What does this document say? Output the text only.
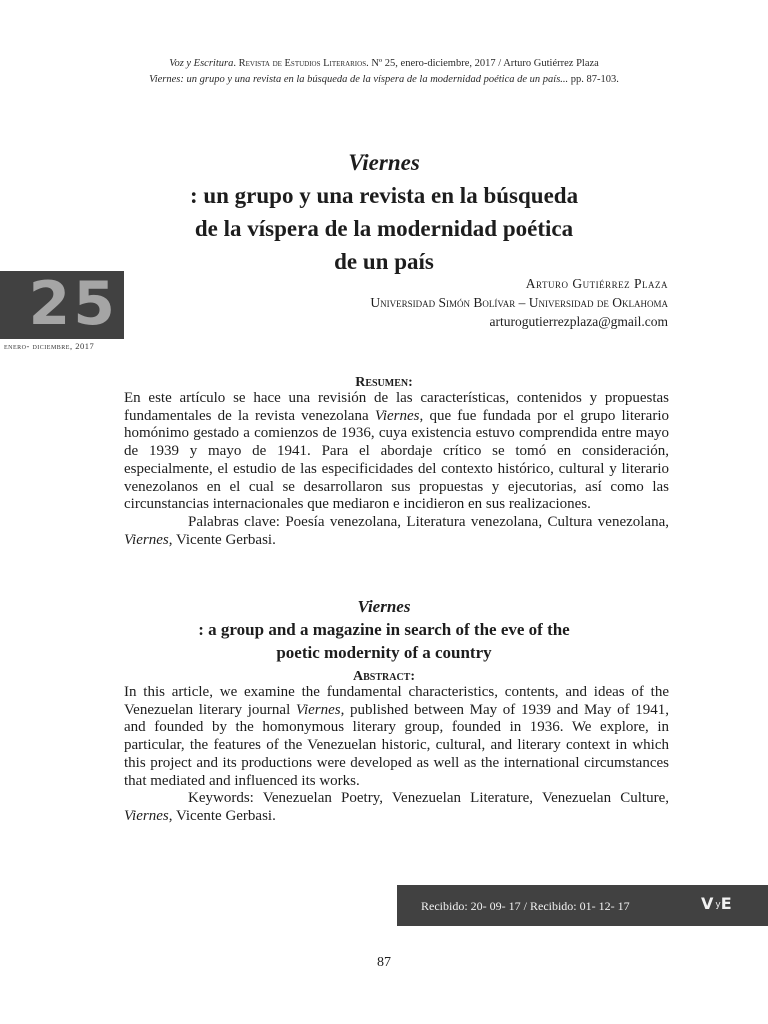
Voz y Escritura. Revista de Estudios Literarios. Nº 25, enero-diciembre, 2017 / Arturo Gutiérrez Plaza
Viernes: un grupo y una revista en la búsqueda de la víspera de la modernidad poética de un país... pp. 87-103.
Viernes
: un grupo y una revista en la búsqueda
de la víspera de la modernidad poética
de un país
25
enero- diciembre, 2017
Arturo Gutiérrez Plaza
Universidad Simón Bolívar – Universidad de Oklahoma
arturogutierrezplaza@gmail.com
Resumen:

En este artículo se hace una revisión de las características, contenidos y propuestas fundamentales de la revista venezolana Viernes, que fue fundada por el grupo literario homónimo gestado a comienzos de 1936, cuya existencia estuvo comprendida entre mayo de 1939 y mayo de 1941. Para el abordaje crítico se tomó en consideración, especialmente, el estudio de las especificidades del contexto histórico, cultural y literario venezolanos en el cual se desarrollaron sus propuestas y ejecutorias, así como las circunstancias internacionales que mediaron e incidieron en sus realizaciones.

Palabras clave: Poesía venezolana, Literatura venezolana, Cultura venezolana, Viernes, Vicente Gerbasi.

Viernes
: a group and a magazine in search of the eve of the
poetic modernity of a country
Abstract:

In this article, we examine the fundamental characteristics, contents, and ideas of the Venezuelan literary journal Viernes, published between May of 1939 and May of 1941, and founded by the homonymous literary group, founded in 1936. We explore, in particular, the features of the Venezuelan historic, cultural, and literary context in which this project and its productions were developed as well as the international circumstances that mediated and influenced its works.

Keywords: Venezuelan Poetry, Venezuelan Literature, Venezuelan Culture, Viernes, Vicente Gerbasi.

Recibido: 20- 09- 17 / Recibido: 01- 12- 17	VyE
87
